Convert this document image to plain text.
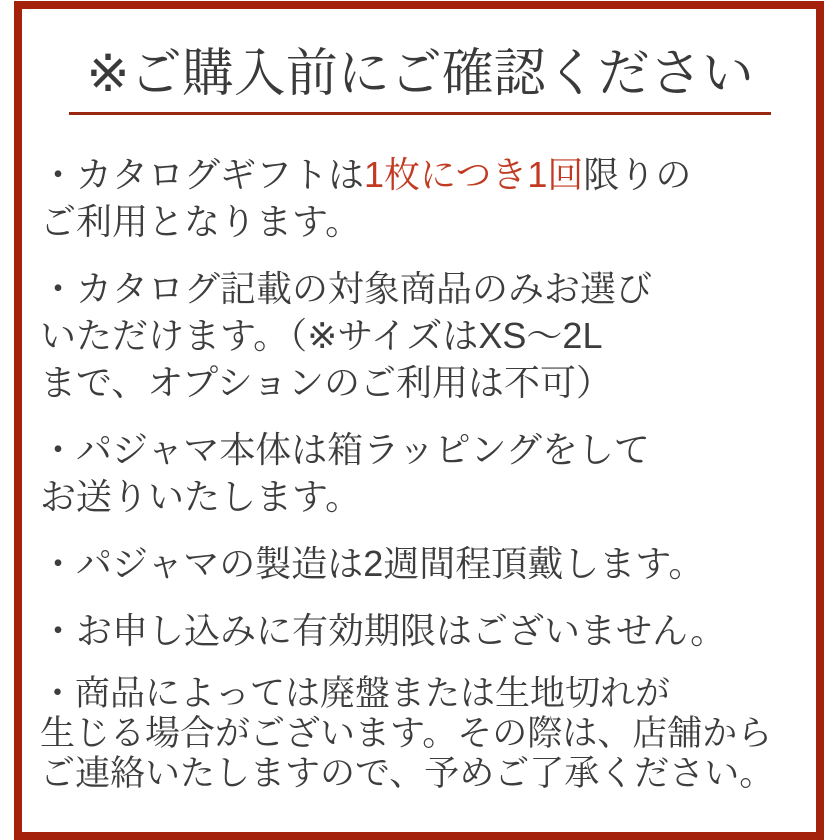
※ご購入前にご確認ください
・カタログギフトは1枚につき1回限りの
ご利用となります。
・カタログ記載の対象商品のみお選び
いただけます。（※サイズはXS〜2L
まで、オプションのご利用は不可）
・パジャマ本体は箱ラッピングをして
お送りいたします。
・パジャマの製造は2週間程頂戴します。
・お申し込みに有効期限はございません。
・商品によっては廃盤または生地切れが
生じる場合がございます。その際は、店舗から
ご連絡いたしますので、予めご了承ください。
